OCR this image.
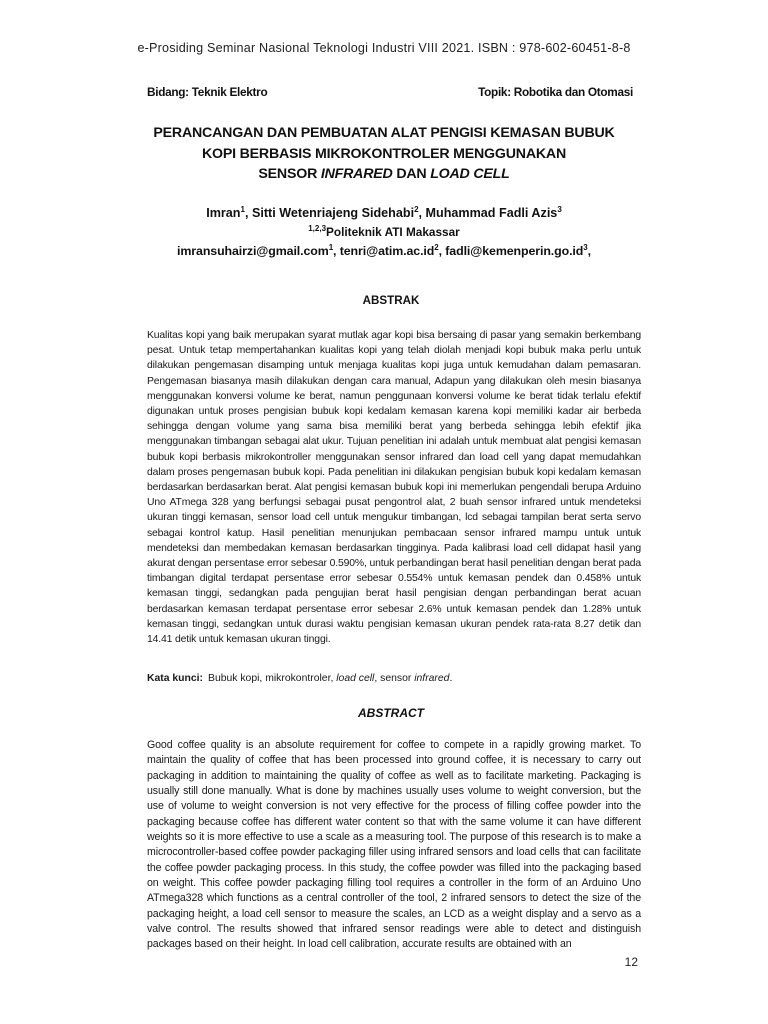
e-Prosiding Seminar Nasional Teknologi Industri VIII 2021. ISBN : 978-602-60451-8-8
Bidang: Teknik Elektro	Topik: Robotika dan Otomasi
PERANCANGAN DAN PEMBUATAN ALAT PENGISI KEMASAN BUBUK
KOPI BERBASIS MIKROKONTROLER MENGGUNAKAN
SENSOR INFRARED DAN LOAD CELL
Imran$^1$, Sitti Wetenriajeng Sidehabi$^2$, Muhammad Fadli Azis$^3$
$^{1,2,3}$Politeknik ATI Makassar
imransuhairzi@gmail.com$^1$, $tenri@atim.ac.id^2$, $fadli@kemenperin.go.id^3$,
ABSTRAK
Kualitas kopi yang baik merupakan syarat mutlak agar kopi bisa bersaing di pasar yang semakin berkembang pesat. Untuk tetap mempertahankan kualitas kopi yang telah diolah menjadi kopi bubuk maka perlu untuk dilakukan pengemasan disamping untuk menjaga kualitas kopi juga untuk kemudahan dalam pemasaran. Pengemasan biasanya masih dilakukan dengan cara manual, Adapun yang dilakukan oleh mesin biasanya menggunakan konversi volume ke berat, namun penggunaan konversi volume ke berat tidak terlalu efektif digunakan untuk proses pengisian bubuk kopi kedalam kemasan karena kopi memiliki kadar air berbeda sehingga dengan volume yang sama bisa memiliki berat yang berbeda sehingga lebih efektif jika menggunakan timbangan sebagai alat ukur. Tujuan penelitian ini adalah untuk membuat alat pengisi kemasan bubuk kopi berbasis mikrokontroller menggunakan sensor infrared dan load cell yang dapat memudahkan dalam proses pengemasan bubuk kopi. Pada penelitian ini dilakukan pengisian bubuk kopi kedalam kemasan berdasarkan berdasarkan berat. Alat pengisi kemasan bubuk kopi ini memerlukan pengendali berupa Arduino Uno ATmega 328 yang berfungsi sebagai pusat pengontrol alat, 2 buah sensor infrared untuk mendeteksi ukuran tinggi kemasan, sensor load cell untuk mengukur timbangan, lcd sebagai tampilan berat serta servo sebagai kontrol katup. Hasil penelitian menunjukan pembacaan sensor infrared mampu untuk untuk mendeteksi dan membedakan kemasan berdasarkan tingginya. Pada kalibrasi load cell didapat hasil yang akurat dengan persentase error sebesar 0.590%, untuk perbandingan berat hasil penelitian dengan berat pada timbangan digital terdapat persentase error sebesar 0.554% untuk kemasan pendek dan 0.458% untuk kemasan tinggi, sedangkan pada pengujian berat hasil pengisian dengan perbandingan berat acuan berdasarkan kemasan terdapat persentase error sebesar 2.6% untuk kemasan pendek dan 1.28% untuk kemasan tinggi, sedangkan untuk durasi waktu pengisian kemasan ukuran pendek rata-rata 8.27 detik dan 14.41 detik untuk kemasan ukuran tinggi.
Kata kunci: Bubuk kopi, mikrokontroler, load cell, sensor infrared.
ABSTRACT
Good coffee quality is an absolute requirement for coffee to compete in a rapidly growing market. To maintain the quality of coffee that has been processed into ground coffee, it is necessary to carry out packaging in addition to maintaining the quality of coffee as well as to facilitate marketing. Packaging is usually still done manually. What is done by machines usually uses volume to weight conversion, but the use of volume to weight conversion is not very effective for the process of filling coffee powder into the packaging because coffee has different water content so that with the same volume it can have different weights so it is more effective to use a scale as a measuring tool. The purpose of this research is to make a microcontroller-based coffee powder packaging filler using infrared sensors and load cells that can facilitate the coffee powder packaging process. In this study, the coffee powder was filled into the packaging based on weight. This coffee powder packaging filling tool requires a controller in the form of an Arduino Uno ATmega328 which functions as a central controller of the tool, 2 infrared sensors to detect the size of the packaging height, a load cell sensor to measure the scales, an LCD as a weight display and a servo as a valve control. The results showed that infrared sensor readings were able to detect and distinguish packages based on their height. In load cell calibration, accurate results are obtained with an
12
